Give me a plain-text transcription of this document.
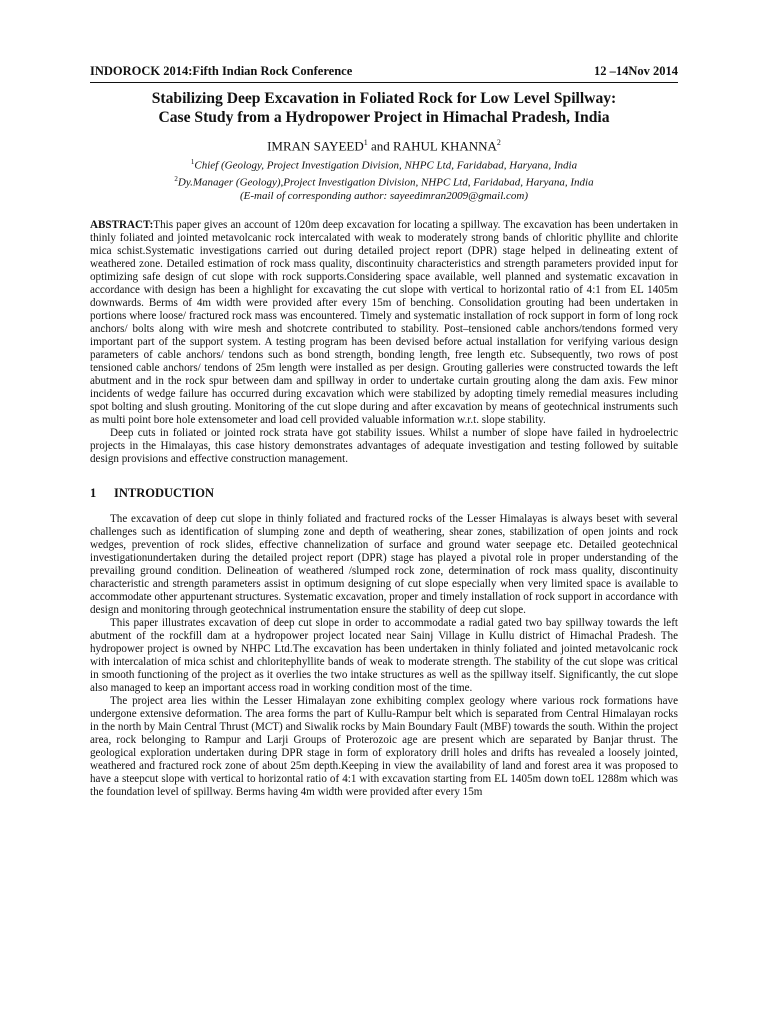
INDOROCK 2014:Fifth Indian Rock Conference	12 –14Nov 2014
Stabilizing Deep Excavation in Foliated Rock for Low Level Spillway:
Case Study from a Hydropower Project in Himachal Pradesh, India
IMRAN SAYEED$^1$ and RAHUL KHANNA$^2$
$^1$Chief (Geology, Project Investigation Division, NHPC Ltd, Faridabad, Haryana, India
$^2$Dy.Manager (Geology),Project Investigation Division, NHPC Ltd, Faridabad, Haryana, India
(E-mail of corresponding author: sayeedimran2009@gmail.com)

ABSTRACT:This paper gives an account of 120m deep excavation for locating a spillway. The excavation has been undertaken in thinly foliated and jointed metavolcanic rock intercalated with weak to moderately strong bands of chloritic phyllite and chlorite mica schist.Systematic investigations carried out during detailed project report (DPR) stage helped in delineating extent of weathered zone. Detailed estimation of rock mass quality, discontinuity characteristics and strength parameters provided input for optimizing safe design of cut slope with rock supports.Considering space available, well planned and systematic excavation in accordance with design has been a highlight for excavating the cut slope with vertical to horizontal ratio of 4:1 from EL 1405m downwards. Berms of 4m width were provided after every 15m of benching. Consolidation grouting had been undertaken in portions where loose/ fractured rock mass was encountered. Timely and systematic installation of rock support in form of long rock anchors/ bolts along with wire mesh and shotcrete contributed to stability. Post–tensioned cable anchors/tendons formed very important part of the support system. A testing program has been devised before actual installation for verifying various design parameters of cable anchors/ tendons such as bond strength, bonding length, free length etc. Subsequently, two rows of post tensioned cable anchors/ tendons of 25m length were installed as per design. Grouting galleries were constructed towards the left abutment and in the rock spur between dam and spillway in order to undertake curtain grouting along the dam axis. Few minor incidents of wedge failure has occurred during excavation which were stabilized by adopting timely remedial measures including spot bolting and slush grouting. Monitoring of the cut slope during and after excavation by means of geotechnical instruments such as multi point bore hole extensometer and load cell provided valuable information w.r.t. slope stability.

Deep cuts in foliated or jointed rock strata have got stability issues. Whilst a number of slope have failed in hydroelectric projects in the Himalayas, this case history demonstrates advantages of adequate investigation and testing followed by suitable design provisions and effective construction management.

1	INTRODUCTION

The excavation of deep cut slope in thinly foliated and fractured rocks of the Lesser Himalayas is always beset with several challenges such as identification of slumping zone and depth of weathering, shear zones, stabilization of open joints and rock wedges, prevention of rock slides, effective channelization of surface and ground water seepage etc. Detailed geotechnical investigationundertaken during the detailed project report (DPR) stage has played a pivotal role in proper understanding of the prevailing ground condition. Delineation of weathered /slumped rock zone, determination of rock mass quality, discontinuity characteristic and strength parameters assist in optimum designing of cut slope especially when very limited space is available to accommodate other appurtenant structures. Systematic excavation, proper and timely installation of rock support in accordance with design and monitoring through geotechnical instrumentation ensure the stability of deep cut slope.

This paper illustrates excavation of deep cut slope in order to accommodate a radial gated two bay spillway towards the left abutment of the rockfill dam at a hydropower project located near Sainj Village in Kullu district of Himachal Pradesh. The hydropower project is owned by NHPC Ltd.The excavation has been undertaken in thinly foliated and jointed metavolcanic rock with intercalation of mica schist and chloritephyllite bands of weak to moderate strength. The stability of the cut slope was critical in smooth functioning of the project as it overlies the two intake structures as well as the spillway itself. Significantly, the cut slope also managed to keep an important access road in working condition most of the time.

The project area lies within the Lesser Himalayan zone exhibiting complex geology where various rock formations have undergone extensive deformation. The area forms the part of Kullu-Rampur belt which is separated from Central Himalayan rocks in the north by Main Central Thrust (MCT) and Siwalik rocks by Main Boundary Fault (MBF) towards the south. Within the project area, rock belonging to Rampur and Larji Groups of Proterozoic age are present which are separated by Banjar thrust. The geological exploration undertaken during DPR stage in form of exploratory drill holes and drifts has revealed a loosely jointed, weathered and fractured rock zone of about 25m depth.Keeping in view the availability of land and forest area it was proposed to have a steepcut slope with vertical to horizontal ratio of 4:1 with excavation starting from EL 1405m down toEL 1288m which was the foundation level of spillway. Berms having 4m width were provided after every 15m
